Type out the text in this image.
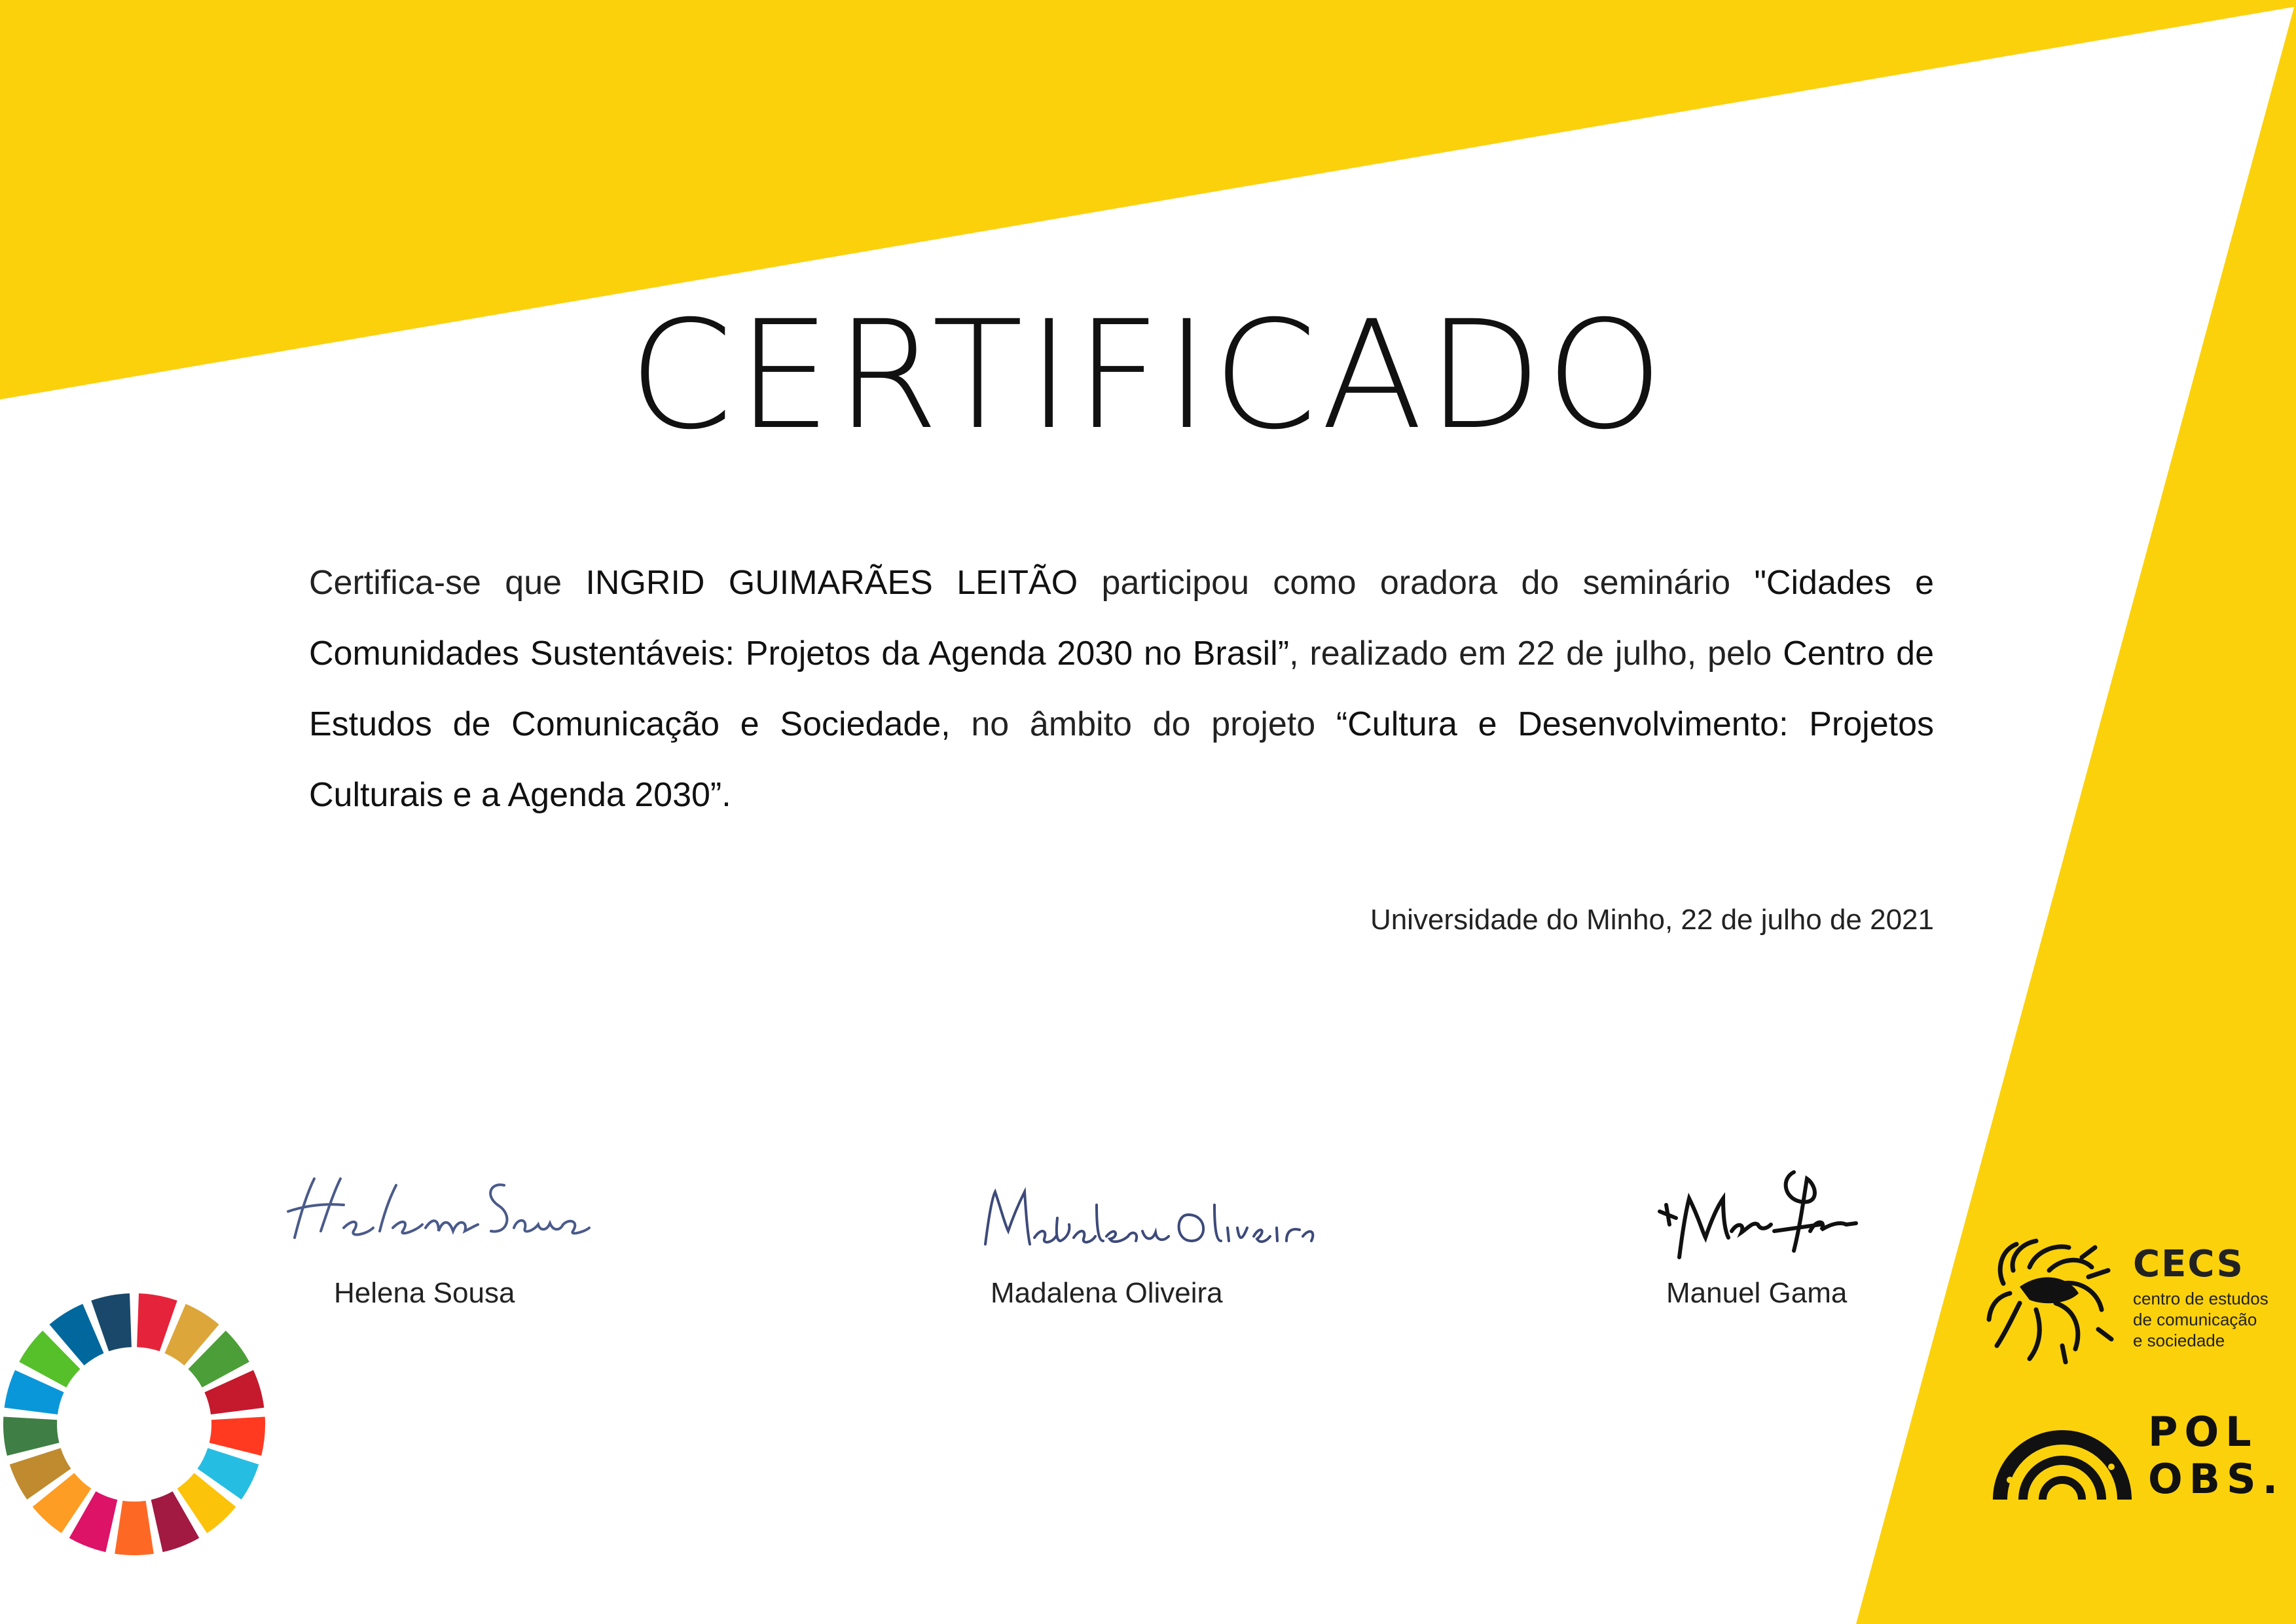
CERTIFICADO
Certifica-se que INGRID GUIMARÃES LEITÃO participou como oradora do seminário "Cidades e Comunidades Sustentáveis: Projetos da Agenda 2030 no Brasil”, realizado em 22 de julho, pelo Centro de Estudos de Comunicação e Sociedade, no âmbito do projeto “Cultura e Desenvolvimento: Projetos Culturais e a Agenda 2030”.
Universidade do Minho, 22 de julho de 2021
Helena Sousa	Madalena Oliveira	Manuel Gama
CECS
centro de estudos
de comunicação
e sociedade
POL
OBS.
